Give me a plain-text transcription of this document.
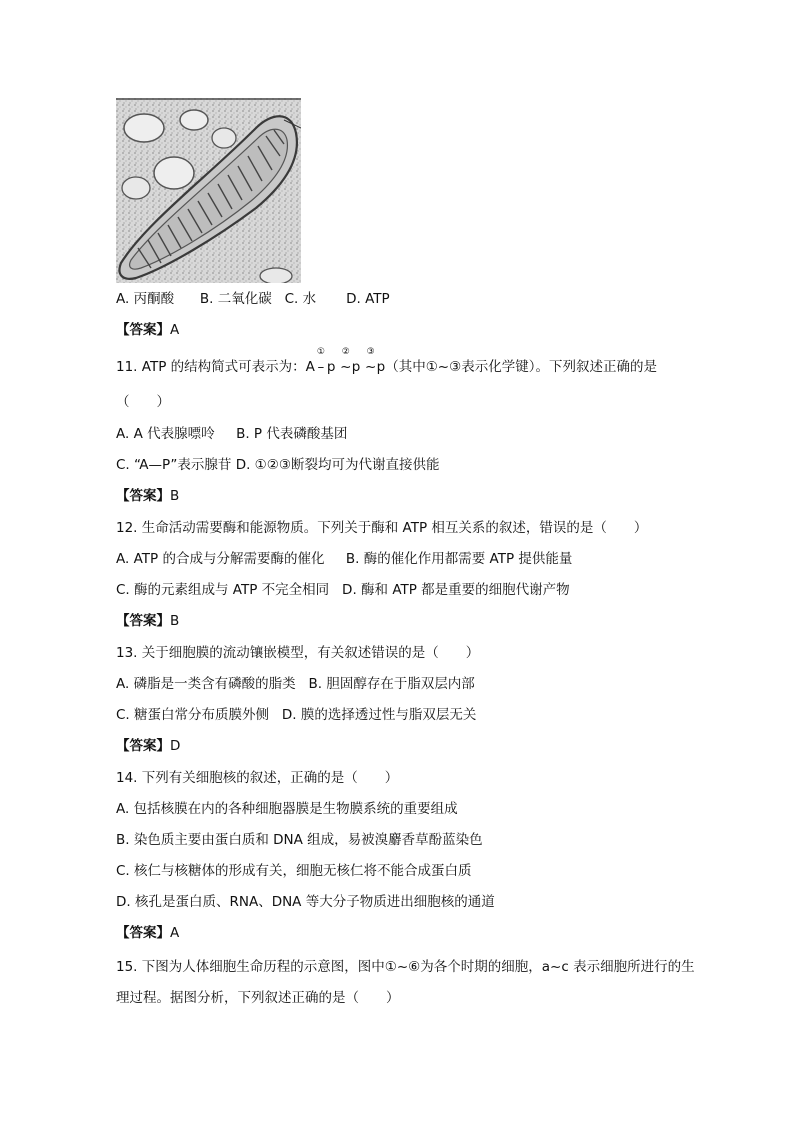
A. 丙酮酸 B. 二氧化碳 C. 水 D. ATP
【答案】A
11. ATP 的结构简式可表示为：A
①
– p
②
~p
③
~p（其中①~③表示化学键）。下列叙述正确的是
（　　）
A. A 代表腺嘌呤 B. P 代表磷酸基团
C. “A—P”表示腺苷 D. ①②③断裂均可为代谢直接供能
【答案】B
12. 生命活动需要酶和能源物质。下列关于酶和 ATP 相互关系的叙述，错误的是（　　）
A. ATP 的合成与分解需要酶的催化 B. 酶的催化作用都需要 ATP 提供能量
C. 酶的元素组成与 ATP 不完全相同 D. 酶和 ATP 都是重要的细胞代谢产物
【答案】B
13. 关于细胞膜的流动镶嵌模型，有关叙述错误的是（　　）
A. 磷脂是一类含有磷酸的脂类 B. 胆固醇存在于脂双层内部
C. 糖蛋白常分布质膜外侧 D. 膜的选择透过性与脂双层无关
【答案】D
14. 下列有关细胞核的叙述，正确的是（　　）
A. 包括核膜在内的各种细胞器膜是生物膜系统的重要组成
B. 染色质主要由蛋白质和 DNA 组成，易被溴麝香草酚蓝染色
C. 核仁与核糖体的形成有关，细胞无核仁将不能合成蛋白质
D. 核孔是蛋白质、RNA、DNA 等大分子物质进出细胞核的通道
【答案】A
15. 下图为人体细胞生命历程的示意图，图中①~⑥为各个时期的细胞，a~c 表示细胞所进行的生
理过程。据图分析，下列叙述正确的是（　　）
